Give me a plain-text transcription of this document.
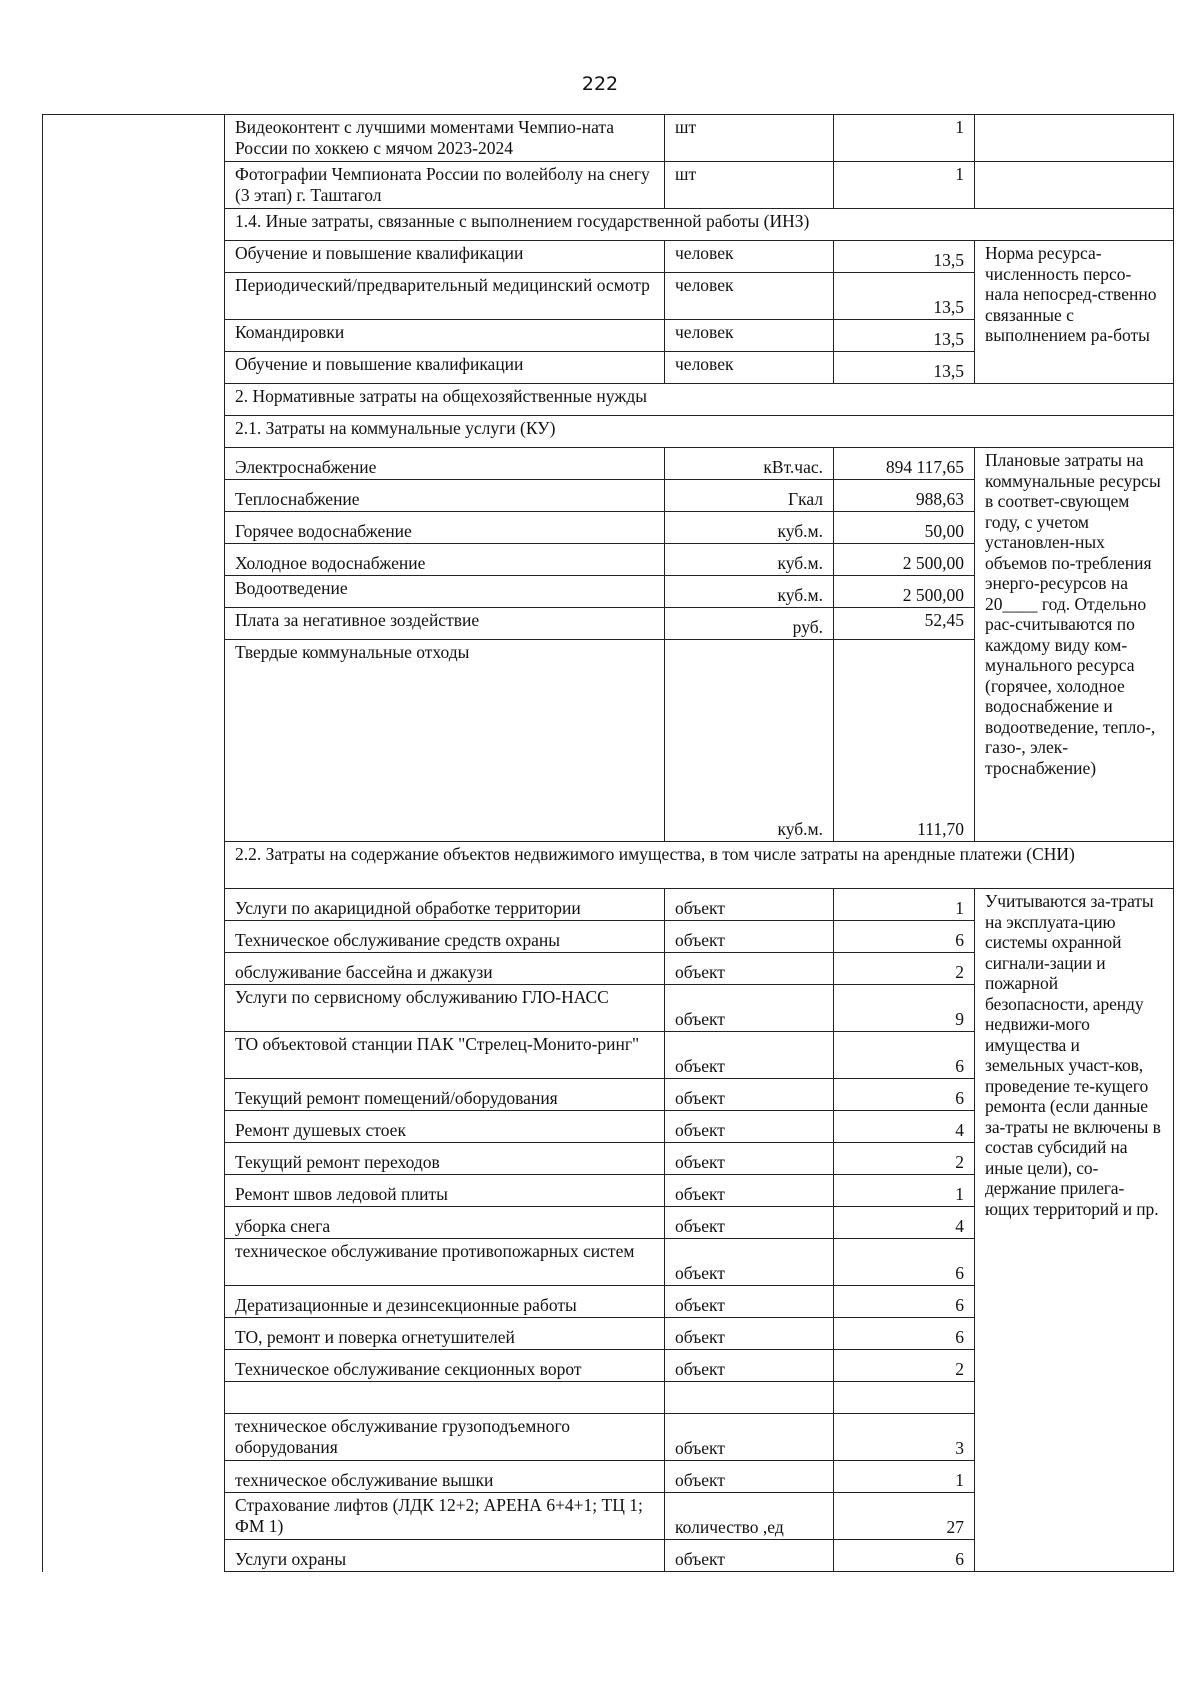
222
	Видеоконтент с лучшими моментами Чемпио-ната России по хоккею с мячом 2023-2024	шт	1	
	Фотографии Чемпионата России по волейболу на снегу (3 этап) г. Таштагол	шт	1	
	1.4. Иные затраты, связанные с выполнением государственной работы (ИНЗ)			
	Обучение и повышение квалификации	человек	13,5	Норма ресурса-численность персо-нала непосред-ственно связанные с выполнением ра-боты
	Периодический/предварительный медицинский осмотр	человек	13,5	
	Командировки	человек	13,5	
	Обучение и повышение квалификации	человек	13,5	
	2. Нормативные затраты на общехозяйственные нужды			
	2.1. Затраты на коммунальные услуги (КУ)			
	Электроснабжение	кВт.час.	894 117,65	Плановые затраты на коммунальные ресурсы в соответ-свующем году, с учетом установлен-ных объемов по-требления энерго-ресурсов на 20____ год. Отдельно рас-считываются по каждому виду ком-мунального ресурса (горячее, холодное водоснабжение и водоотведение, тепло-, газо-, элек-троснабжение)
	Теплоснабжение	Гкал	988,63	
	Горячее водоснабжение	куб.м.	50,00	
	Холодное водоснабжение	куб.м.	2 500,00	
	Водоотведение	куб.м.	2 500,00	
	Плата за негативное зоздействие	руб.	52,45	
	Твердые коммунальные отходы	куб.м.	111,70	
	2.2. Затраты на содержание объектов недвижимого имущества, в том числе затраты на арендные платежи (СНИ)			
	Услуги по акарицидной обработке территории	объект	1	Учитываются за-траты на эксплуата-цию системы охранной сигнали-зации и пожарной безопасности, аренду недвижи-мого имущества и земельных участ-ков, проведение те-кущего ремонта (если данные за-траты не включены в состав субсидий на иные цели), со-держание прилега-ющих территорий и пр.
	Техническое обслуживание средств охраны	объект	6	
	обслуживание бассейна и джакузи	объект	2	
	Услуги по сервисному обслуживанию ГЛО-НАСС	объект	9	
	ТО объектовой станции ПАК "Стрелец-Монито-ринг"	объект	6	
	Текущий ремонт помещений/оборудования	объект	6	
	Ремонт душевых стоек	объект	4	
	Текущий ремонт переходов	объект	2	
	Ремонт швов ледовой плиты	объект	1	
	уборка снега	объект	4	
	техническое обслуживание противопожарных систем	объект	6	
	Дератизационные и дезинсекционные работы	объект	6	
	ТО, ремонт и поверка огнетушителей	объект	6	
	Техническое обслуживание секционных ворот	объект	2	

	техническое обслуживание грузоподъемного оборудования	объект	3	
	техническое обслуживание вышки	объект	1	
	Страхование лифтов (ЛДК 12+2; АРЕНА 6+4+1; ТЦ 1; ФМ 1)	количество ,ед	27	
	Услуги охраны	объект	6	
